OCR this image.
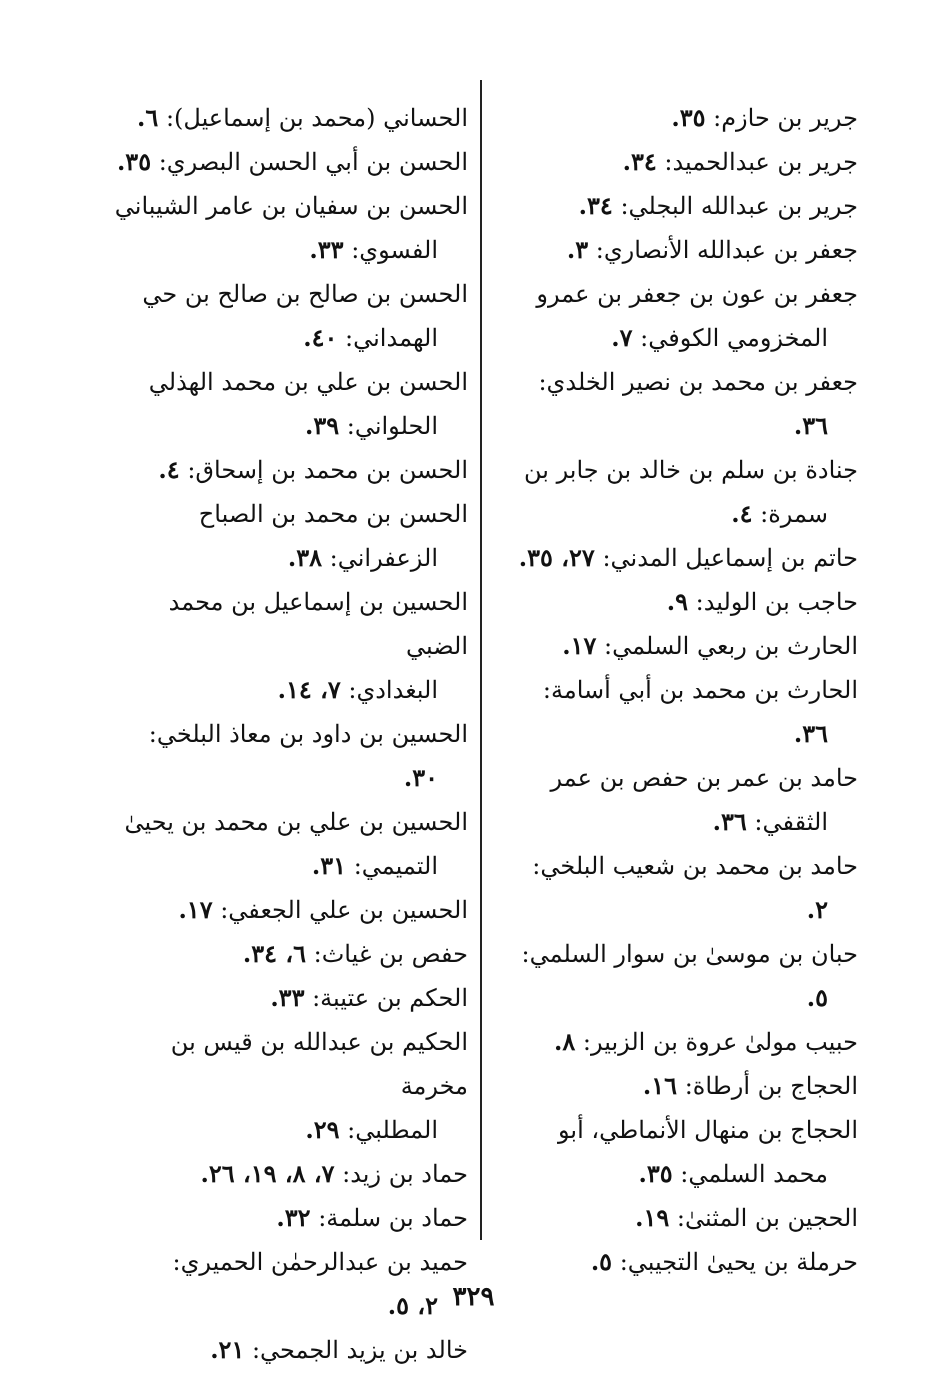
جرير بن حازم: ٣٥.
جرير بن عبدالحميد: ٣٤.
جرير بن عبدالله البجلي: ٣٤.
جعفر بن عبدالله الأنصاري: ٣.
جعفر بن عون بن جعفر بن عمرو
المخزومي الكوفي: ٧.
جعفر بن محمد بن نصير الخلدي:
٣٦.
جنادة بن سلم بن خالد بن جابر بن
سمرة: ٤.
حاتم بن إسماعيل المدني: ٢٧، ٣٥.
حاجب بن الوليد: ٩.
الحارث بن ربعي السلمي: ١٧.
الحارث بن محمد بن أبي أسامة:
٣٦.
حامد بن عمر بن حفص بن عمر
الثقفي: ٣٦.
حامد بن محمد بن شعيب البلخي:
٢.
حبان بن موسىٰ بن سوار السلمي:
٥.
حبيب مولىٰ عروة بن الزبير: ٨.
الحجاج بن أرطاة: ١٦.
الحجاج بن منهال الأنماطي، أبو
محمد السلمي: ٣٥.
الحجين بن المثنىٰ: ١٩.
حرملة بن يحيىٰ التجيبي: ٥.
الحساني (محمد بن إسماعيل): ٦.
الحسن بن أبي الحسن البصري: ٣٥.
الحسن بن سفيان بن عامر الشيباني
الفسوي: ٣٣.
الحسن بن صالح بن صالح بن حي
الهمداني: ٤٠.
الحسن بن علي بن محمد الهذلي
الحلواني: ٣٩.
الحسن بن محمد بن إسحاق: ٤.
الحسن بن محمد بن الصباح
الزعفراني: ٣٨.
الحسين بن إسماعيل بن محمد الضبي
البغدادي: ٧، ١٤.
الحسين بن داود بن معاذ البلخي:
٣٠.
الحسين بن علي بن محمد بن يحيىٰ
التميمي: ٣١.
الحسين بن علي الجعفي: ١٧.
حفص بن غياث: ٦، ٣٤.
الحكم بن عتيبة: ٣٣.
الحكيم بن عبدالله بن قيس بن مخرمة
المطلبي: ٢٩.
حماد بن زيد: ٧، ٨، ١٩، ٢٦.
حماد بن سلمة: ٣٢.
حميد بن عبدالرحمٰن الحميري:
٢، ٥.
خالد بن يزيد الجمحي: ٢١.
٣٢٩
